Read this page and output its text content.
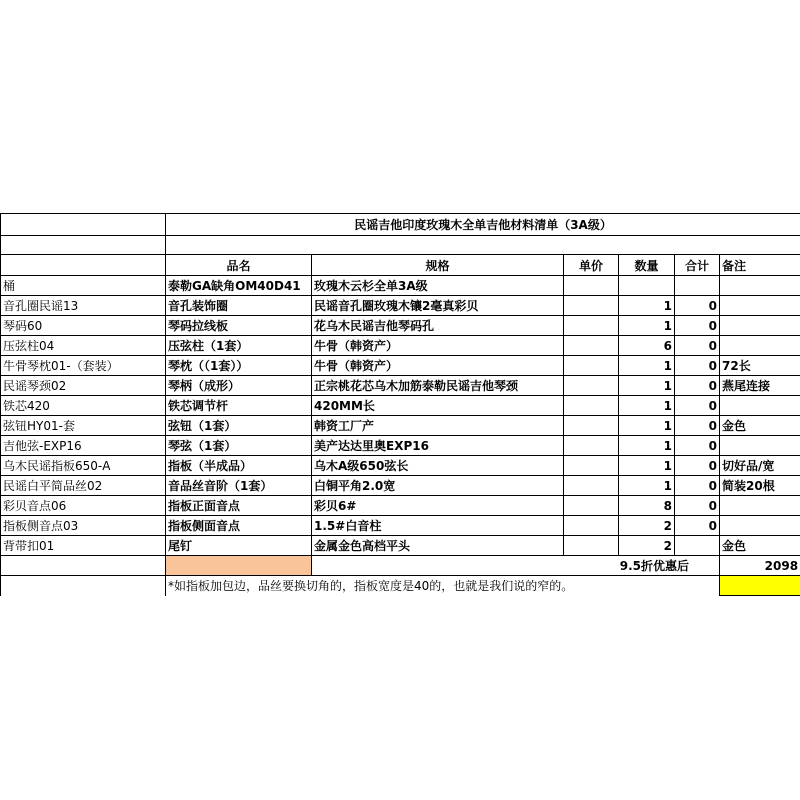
	民谣吉他印度玫瑰木全单吉他材料清单（3A级）					

	品名	规格	单价	数量	合计	备注
桶	泰勒GA缺角OM40D41	玫瑰木云杉全单3A级				
音孔圈民谣13	音孔装饰圈	民谣音孔圈玫瑰木镶2毫真彩贝		1	0	
琴码60	琴码拉线板	花乌木民谣吉他琴码孔		1	0	
压弦柱04	压弦柱（1套）	牛骨（韩资产）		6	0	
牛骨琴枕01-（套装）	琴枕（（1套））	牛骨（韩资产）		1	0	72长
民谣琴颈02	琴柄（成形）	正宗桃花芯乌木加筋泰勒民谣吉他琴颈		1	0	燕尾连接
铁芯420	铁芯调节杆	420MM长		1	0	
弦钮HY01-套	弦钮（1套）	韩资工厂产		1	0	金色
吉他弦-EXP16	琴弦（1套）	美产达达里奥EXP16		1	0	
乌木民谣指板650-A	指板（半成品）	乌木A级650弦长		1	0	切好品/宽
民谣白平简品丝02	音品丝音阶（1套）	白铜平角2.0宽		1	0	简装20根
彩贝音点06	指板正面音点	彩贝6#		8	0	
指板侧音点03	指板侧面音点	1.5#白音柱		2	0	
背带扣01	尾钉	金属金色高档平头		2		金色
			9.5折优惠后			2098
	*如指板加包边，品丝要换切角的，指板宽度是40的，也就是我们说的窄的。					
